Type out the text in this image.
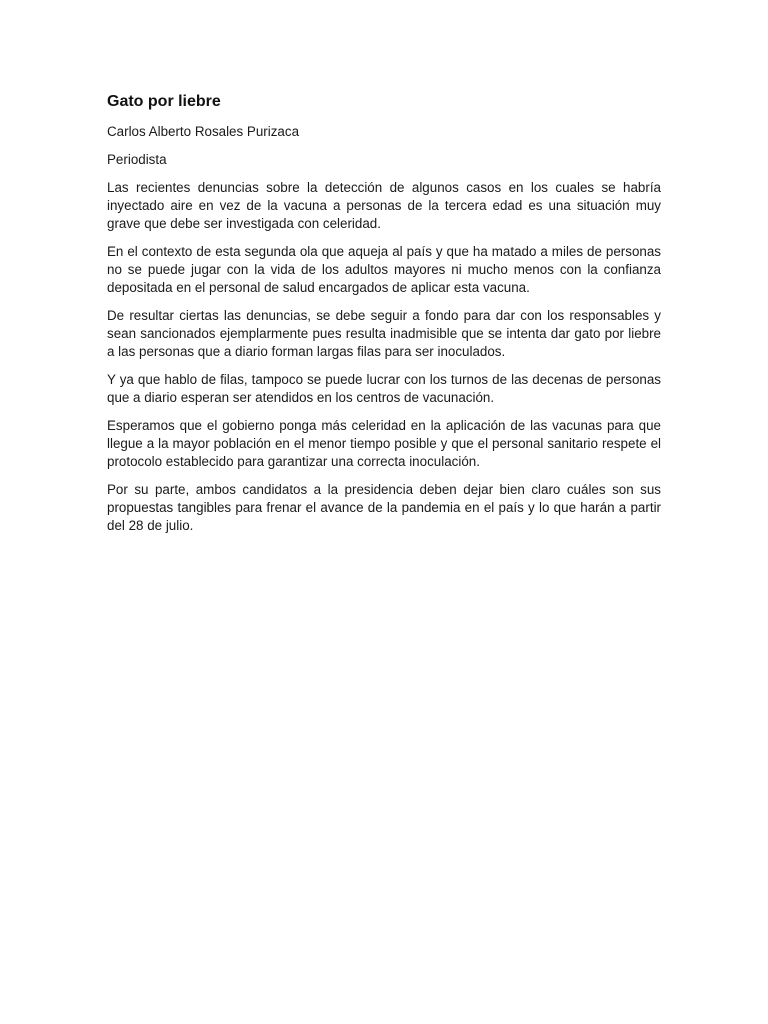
Gato por liebre

Carlos Alberto Rosales Purizaca

Periodista

Las recientes denuncias sobre la detección de algunos casos en los cuales se habría inyectado aire en vez de la vacuna a personas de la tercera edad es una situación muy grave que debe ser investigada con celeridad.

En el contexto de esta segunda ola que aqueja al país y que ha matado a miles de personas no se puede jugar con la vida de los adultos mayores ni mucho menos con la confianza depositada en el personal de salud encargados de aplicar esta vacuna.

De resultar ciertas las denuncias, se debe seguir a fondo para dar con los responsables y sean sancionados ejemplarmente pues resulta inadmisible que se intenta dar gato por liebre a las personas que a diario forman largas filas para ser inoculados.

Y ya que hablo de filas, tampoco se puede lucrar con los turnos de las decenas de personas que a diario esperan ser atendidos en los centros de vacunación.

Esperamos que el gobierno ponga más celeridad en la aplicación de las vacunas para que llegue a la mayor población en el menor tiempo posible y que el personal sanitario respete el protocolo establecido para garantizar una correcta inoculación.

Por su parte, ambos candidatos a la presidencia deben dejar bien claro cuáles son sus propuestas tangibles para frenar el avance de la pandemia en el país y lo que harán a partir del 28 de julio.
